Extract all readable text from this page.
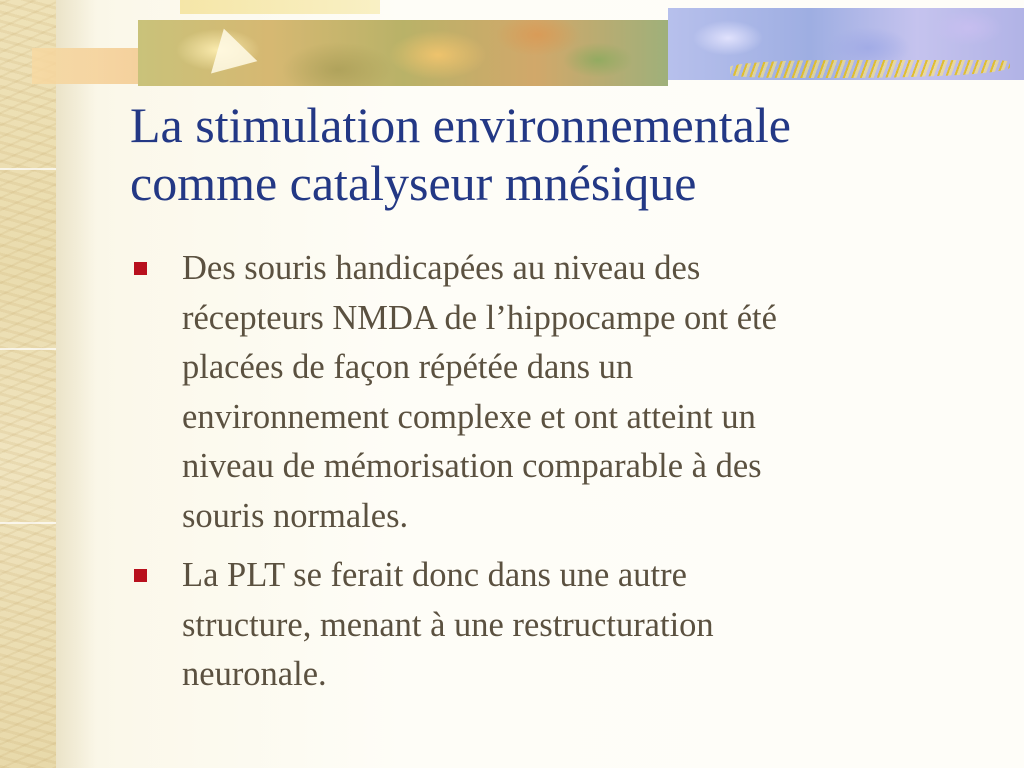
La stimulation environnementale
comme catalyseur mnésique
Des souris handicapées au niveau des
récepteurs NMDA de l’hippocampe ont été
placées de façon répétée dans un
environnement complexe et ont atteint un
niveau de mémorisation comparable à des
souris normales.
La PLT se ferait donc dans une autre
structure, menant à une restructuration
neuronale.
